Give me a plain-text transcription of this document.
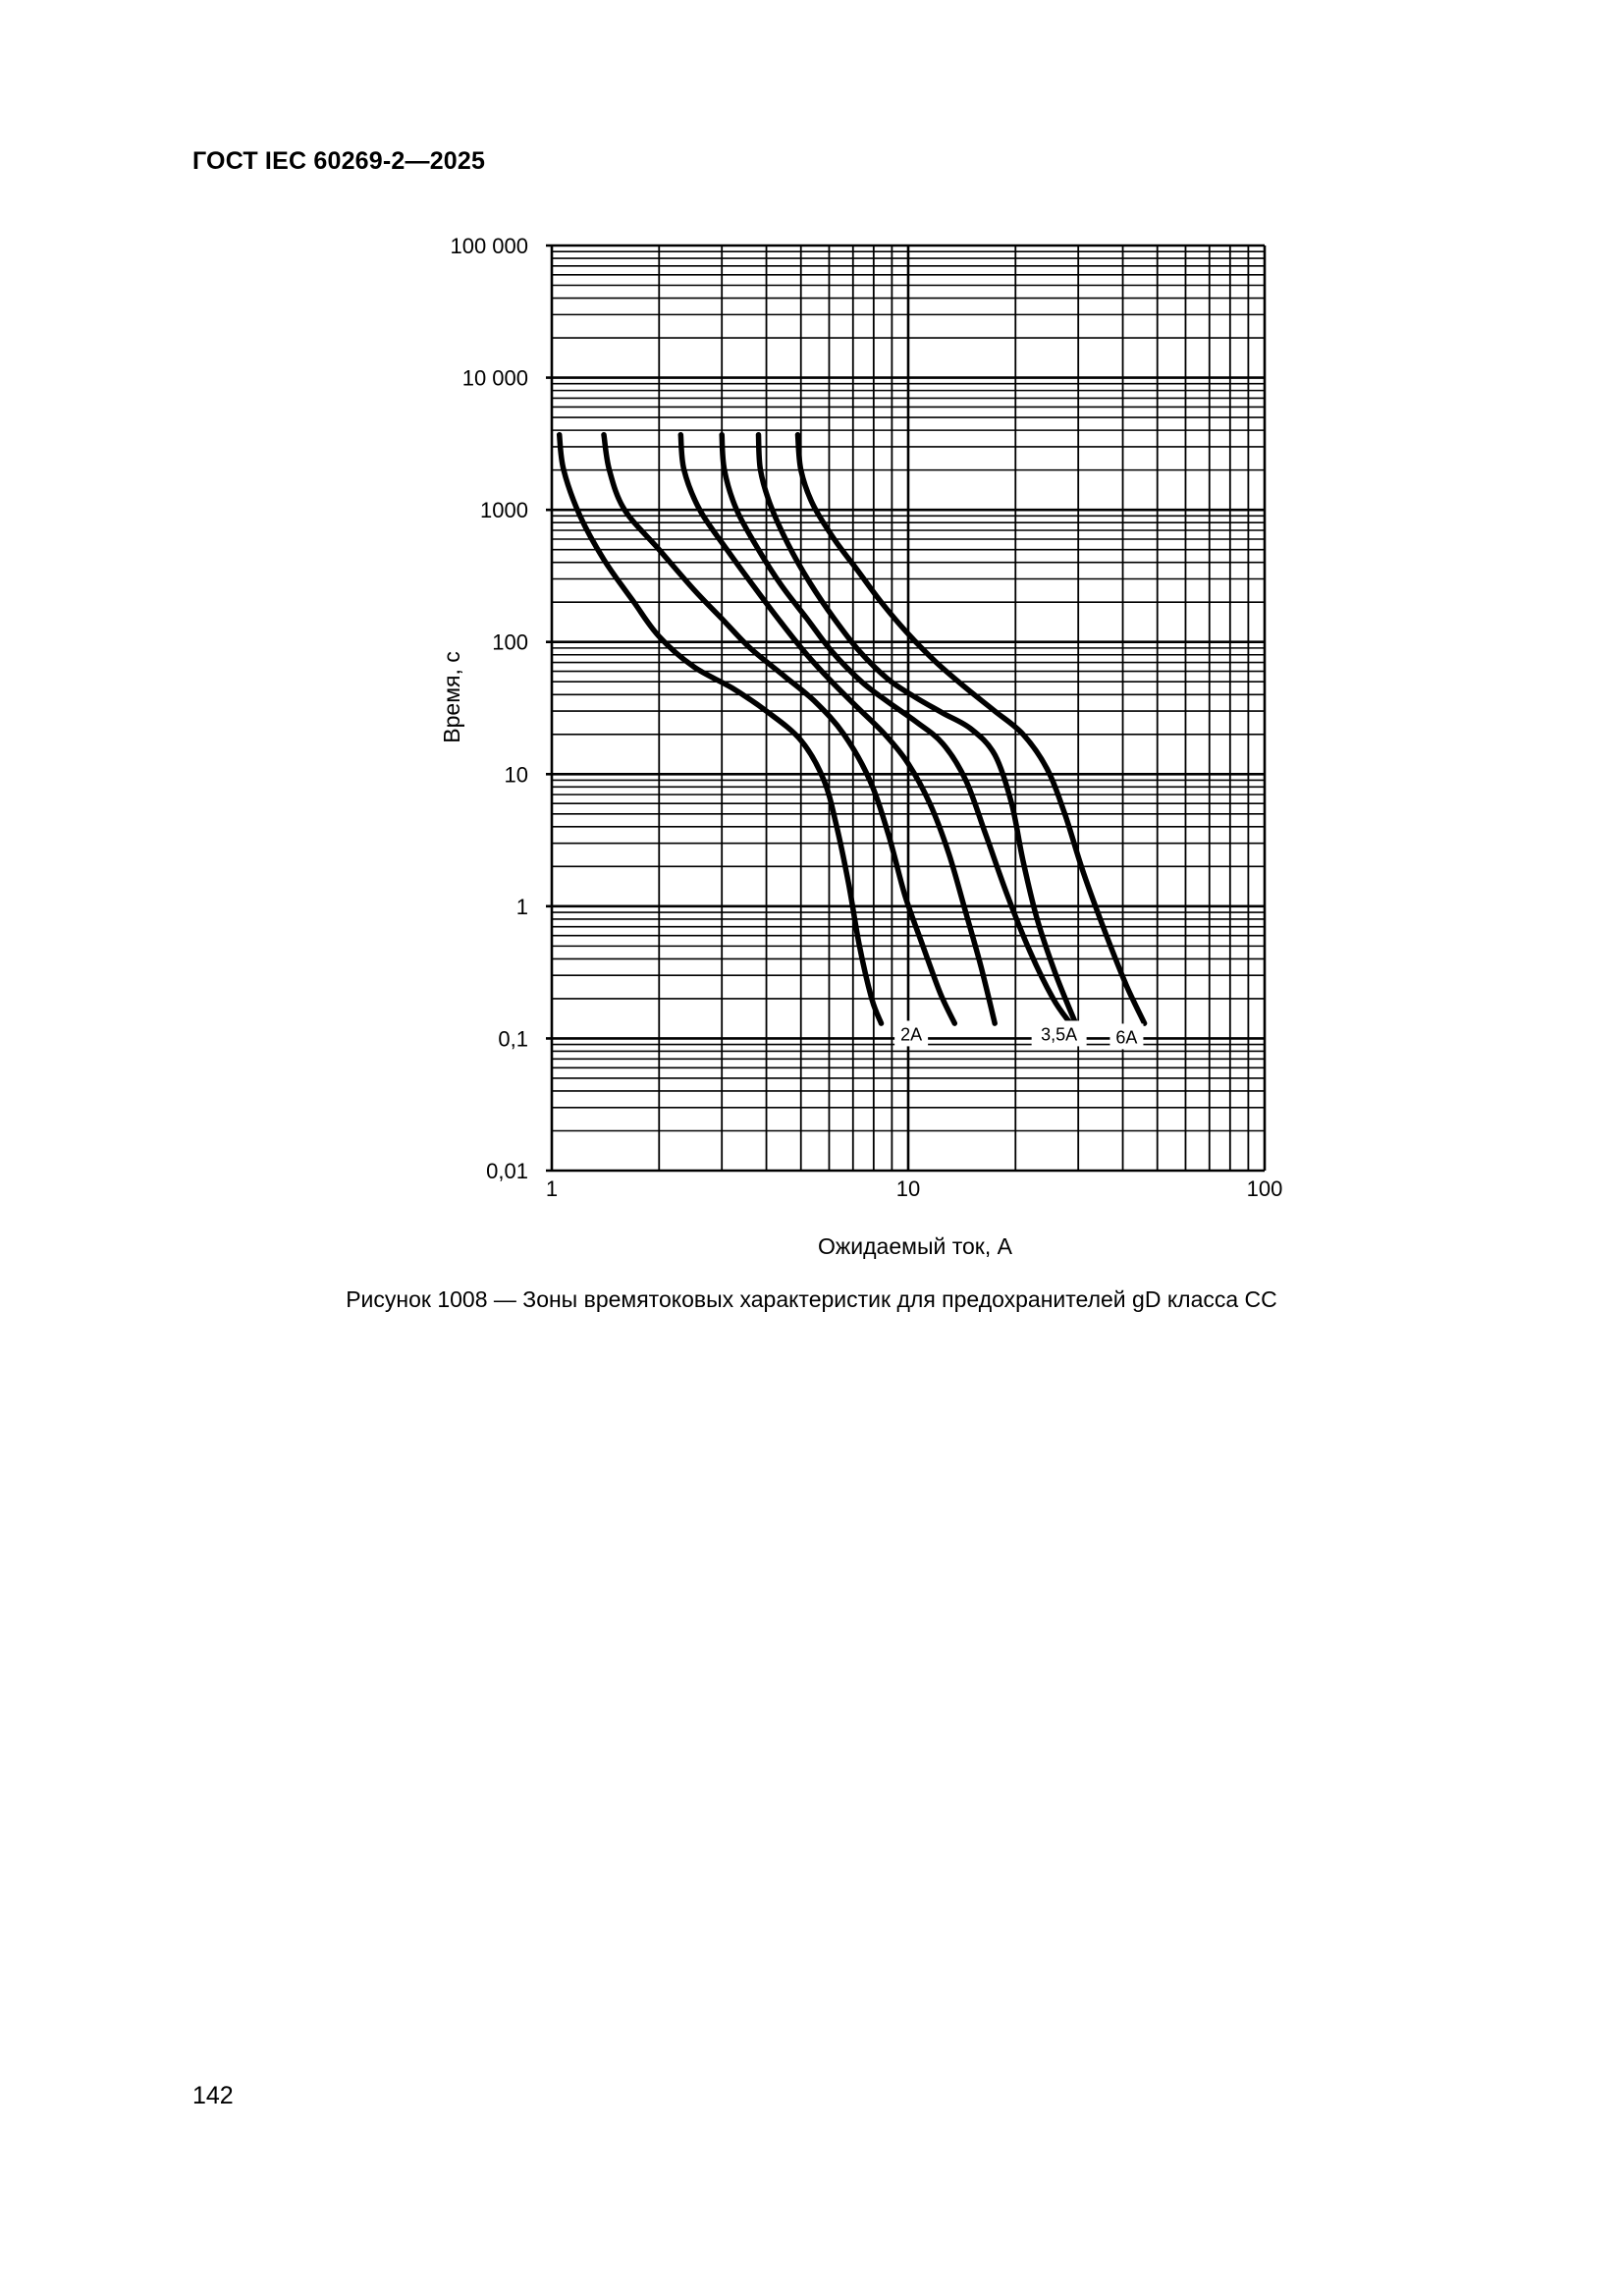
ГОСТ IEC 60269-2—2025
100 000
10 000
1000
100
10
1
0,1
0,01
1	10	100
2A	3,5A 6A
Ожидаемый ток, А
Время, с
Рисунок 1008 — Зоны времятоковых характеристик для предохранителей gD класса CC
142
